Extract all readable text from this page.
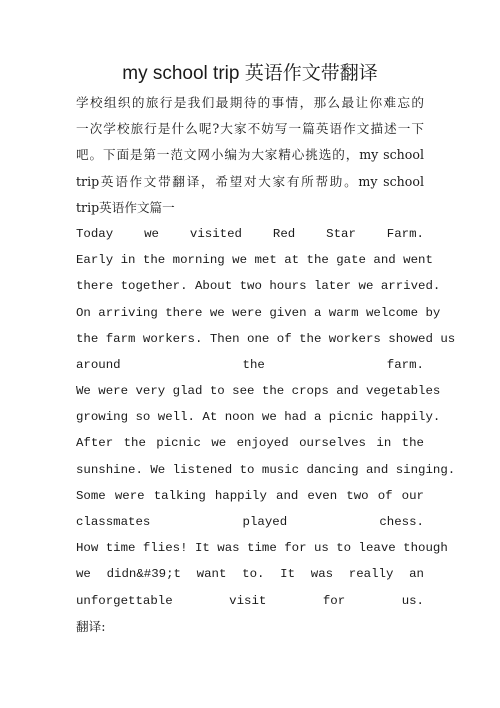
my school trip 英语作文带翻译
学校组织的旅行是我们最期待的事情，那么最让你难忘的
一次学校旅行是什么呢?大家不妨写一篇英语作文描述一下
吧。下面是第一范文网小编为大家精心挑选的，my school
trip英语作文带翻译，希望对大家有所帮助。my school
trip英语作文篇一
Today we visited Red Star Farm.
Early in the morning we met at the gate and went
there together. About two hours later we arrived.
On arriving there we were given a warm welcome by
the farm workers. Then one of the workers showed us
around the farm.
We were very glad to see the crops and vegetables
growing so well. At noon we had a picnic happily.
After the picnic we enjoyed ourselves in the
sunshine. We listened to music dancing and singing.
Some were talking happily and even two of our
classmates played chess.
How time flies! It was time for us to leave though
we didn&#39;t want to. It was really an
unforgettable visit for us.
翻译:
